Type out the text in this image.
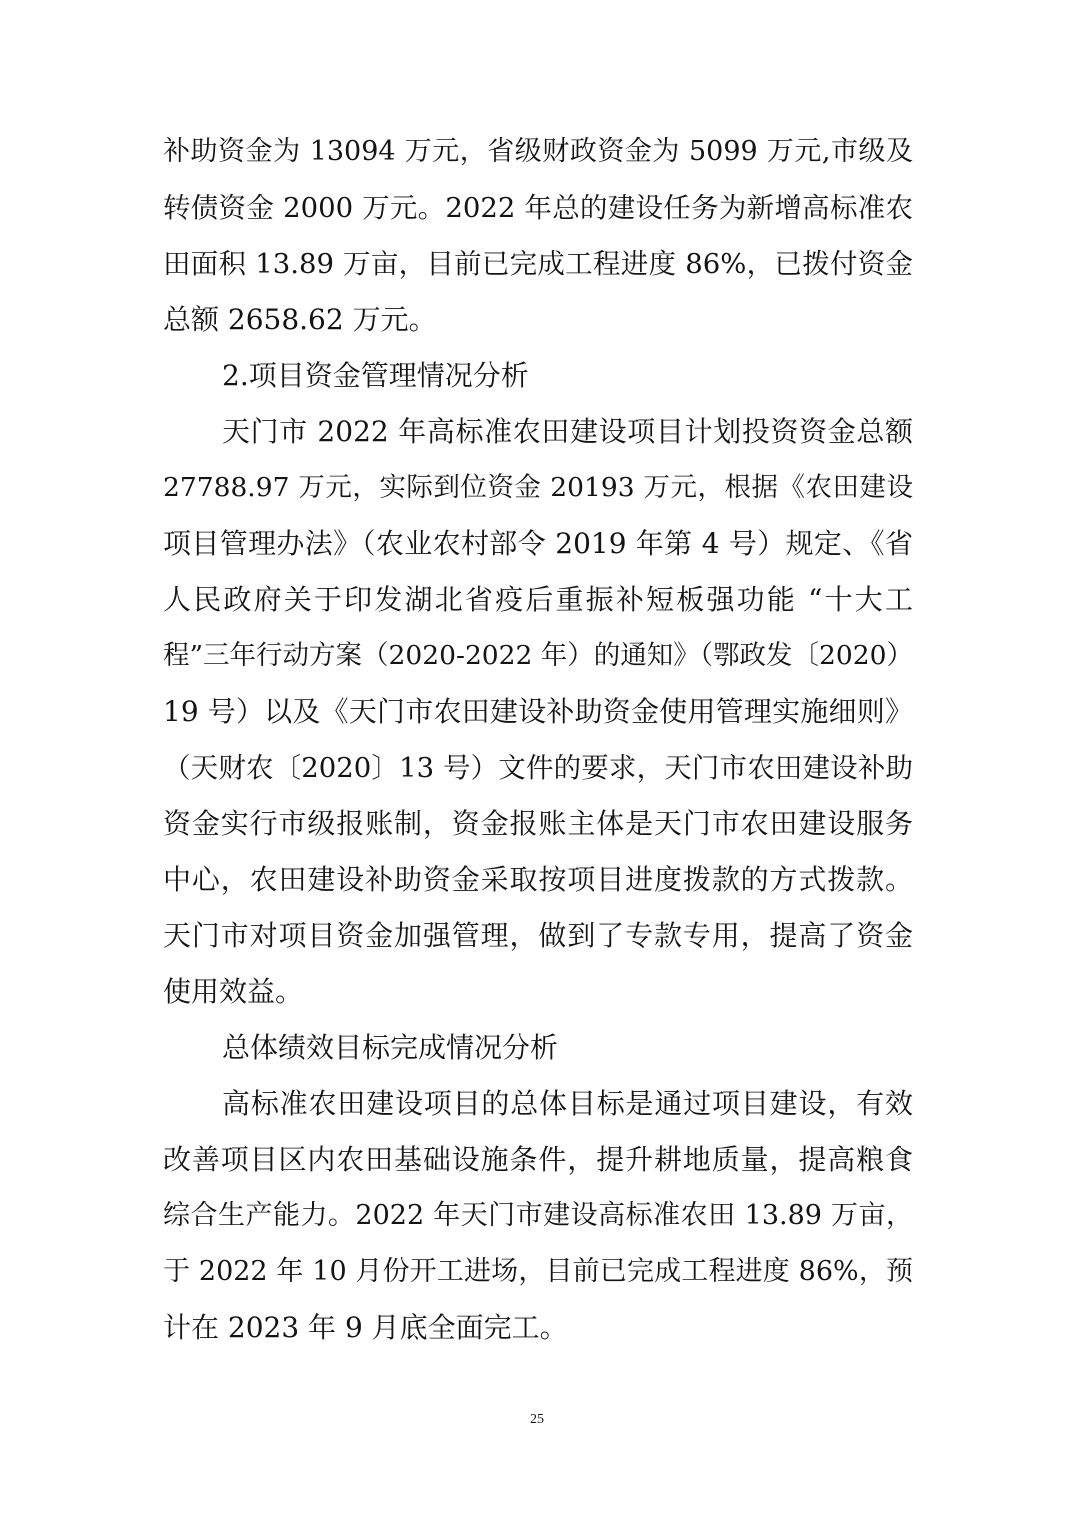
补助资金为 13094 万元，省级财政资金为 5099 万元,市级及
转债资金 2000 万元。2022 年总的建设任务为新增高标准农
田面积 13.89 万亩，目前已完成工程进度 86%，已拨付资金
总额 2658.62 万元。
2.项目资金管理情况分析
天门市 2022 年高标准农田建设项目计划投资资金总额
27788.97 万元，实际到位资金 20193 万元，根据《农田建设
项目管理办法》（农业农村部令 2019 年第 4 号）规定、《省
人民政府关于印发湖北省疫后重振补短板强功能 “十大工
程”三年行动方案（2020-2022 年）的通知》（鄂政发〔2020）
19 号）以及《天门市农田建设补助资金使用管理实施细则》
（天财农〔2020〕13 号）文件的要求，天门市农田建设补助
资金实行市级报账制，资金报账主体是天门市农田建设服务
中心，农田建设补助资金采取按项目进度拨款的方式拨款。
天门市对项目资金加强管理，做到了专款专用，提高了资金
使用效益。
总体绩效目标完成情况分析
高标准农田建设项目的总体目标是通过项目建设，有效
改善项目区内农田基础设施条件，提升耕地质量，提高粮食
综合生产能力。2022 年天门市建设高标准农田 13.89 万亩，
于 2022 年 10 月份开工进场，目前已完成工程进度 86%，预
计在 2023 年 9 月底全面完工。
25
